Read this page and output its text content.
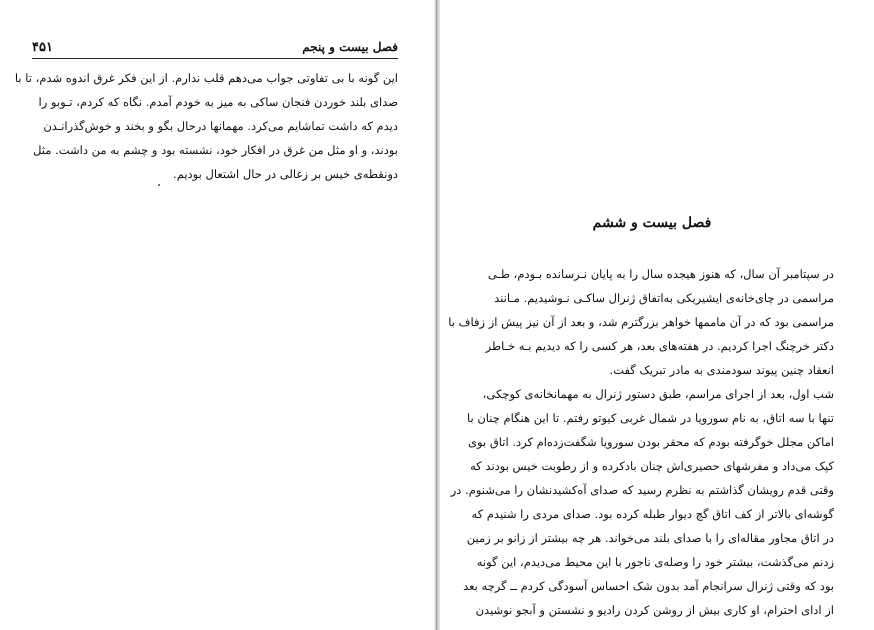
۴۵۱	فصل بیست و پنجم
این گونه با بی تفاوتی جواب می‌دهم قلب ندارم. از این فکر غرق اندوه شدم، تا با
صدای بلند خوردن فنجان ساکی به میز به خودم آمدم. نگاه که کردم، تـوبو را
دیدم که داشت تماشایم می‌کرد. مهمانها درحال بگو و بخند و خوش‌گذرانـدن
بودند، و او مثل من غرق در افکار خود، نشسته بود و چشم به من داشت. مثل
دونقطه‌ی خیس بر زغالی در حال اشتعال بودیم.
فصل بیست و ششم
در سپتامبر آن سال، که هنوز هیجده سال را به پایان نـرسانده بـودم، طـی
مراسمی در چای‌خانه‌ی ایشیریکی به‌اتفاق ژنرال ساکـی نـوشیدیم. مـانند
مراسمی بود که در آن ماممها خواهر بزرگترم شد، و بعد از آن نیز پیش از زفاف با
دکتر خرچنگ اجرا کردیم. در هفته‌های بعد، هر کسی را که دیدیم بـه خـاطر
انعقاد چنین پیوند سودمندی به مادر تبریک گفت.
شب اول، بعد از اجرای مراسم، طبق دستور ژنرال به مهمانخانه‌ی کوچکی،
تنها با سه اتاق، به نام سورویا در شمال غربی کیوتو رفتم. تا این هنگام چنان با
اماکن مجلل خوگرفته بودم که محقر بودن سورویا شگفت‌زده‌ام کرد. اتاق بوی
کپک می‌داد و مفرشهای حصیری‌اش چنان بادکرده و از رطوبت خیس بودند که
وقتی قدم رویشان گذاشتم به نظرم رسید که صدای آه‌کشیدنشان را می‌شنوم. در
گوشه‌ای بالاتر از کف اتاق گچ دیوار طبله کرده بود. صدای مردی را شنیدم که
در اتاق مجاور مقاله‌ای را با صدای بلند می‌خواند. هر چه بیشتر از زانو بر زمین
زدنم می‌گذشت، بیشتر خود را وصله‌ی ناجور با این محیط می‌دیدم، این گونه
بود که وقتی ژنرال سرانجام آمد بدون شک احساس آسودگی کردم ــ گرچه بعد
از ادای احترام، او کاری بیش از روشن کردن رادیو و نشستن و آبجو نوشیدن
